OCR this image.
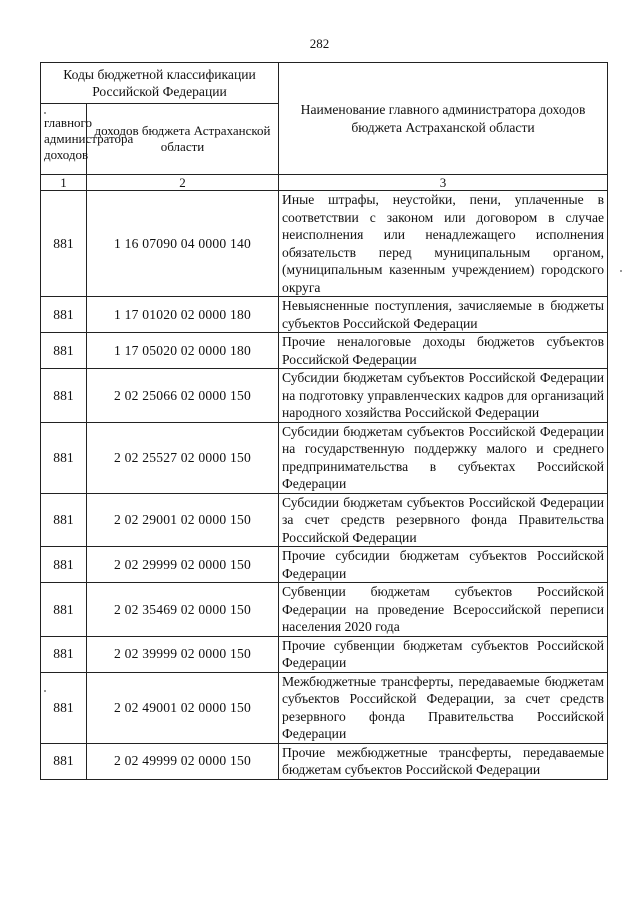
282
Коды бюджетной классификации Российской Федерации		Наименование главного администратора доходов бюджета Астраханской области
главного администратора доходов	доходов бюджета Астраханской области	
1	2	3
881	1 16 07090 04 0000 140	Иные штрафы, неустойки, пени, уплаченные в соответствии с законом или договором в случае неисполнения или ненадлежащего исполнения обязательств перед муниципальным органом, (муниципальным казенным учреждением) городского округа
881	1 17 01020 02 0000 180	Невыясненные поступления, зачисляемые в бюджеты субъектов Российской Федерации
881	1 17 05020 02 0000 180	Прочие неналоговые доходы бюджетов субъектов Российской Федерации
881	2 02 25066 02 0000 150	Субсидии бюджетам субъектов Российской Федерации на подготовку управленческих кадров для организаций народного хозяйства Российской Федерации
881	2 02 25527 02 0000 150	Субсидии бюджетам субъектов Российской Федерации на государственную поддержку малого и среднего предпринимательства в субъектах Российской Федерации
881	2 02 29001 02 0000 150	Субсидии бюджетам субъектов Российской Федерации за счет средств резервного фонда Правительства Российской Федерации
881	2 02 29999 02 0000 150	Прочие субсидии бюджетам субъектов Российской Федерации
881	2 02 35469 02 0000 150	Субвенции бюджетам субъектов Российской Федерации на проведение Всероссийской переписи населения 2020 года
881	2 02 39999 02 0000 150	Прочие субвенции бюджетам субъектов Российской Федерации
881	2 02 49001 02 0000 150	Межбюджетные трансферты, передаваемые бюджетам субъектов Российской Федерации, за счет средств резервного фонда Правительства Российской Федерации
881	2 02 49999 02 0000 150	Прочие межбюджетные трансферты, передаваемые бюджетам субъектов Российской Федерации
